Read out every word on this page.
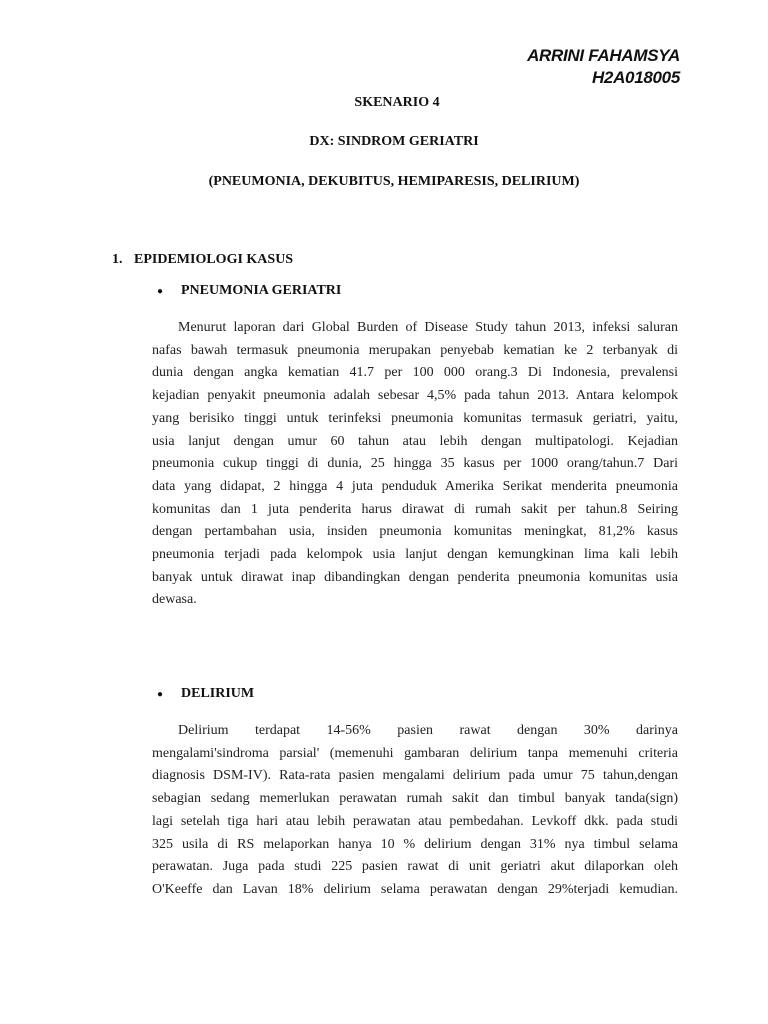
ARRINI FAHAMSYA
H2A018005
SKENARIO 4
DX: SINDROM GERIATRI
(PNEUMONIA, DEKUBITUS, HEMIPARESIS, DELIRIUM)
1. EPIDEMIOLOGI KASUS
● PNEUMONIA GERIATRI
Menurut laporan dari Global Burden of Disease Study tahun 2013, infeksi saluran
nafas bawah termasuk pneumonia merupakan penyebab kematian ke 2 terbanyak di
dunia dengan angka kematian 41.7 per 100 000 orang.3 Di Indonesia, prevalensi
kejadian penyakit pneumonia adalah sebesar 4,5% pada tahun 2013. Antara kelompok
yang berisiko tinggi untuk terinfeksi pneumonia komunitas termasuk geriatri, yaitu,
usia lanjut dengan umur 60 tahun atau lebih dengan multipatologi. Kejadian
pneumonia cukup tinggi di dunia, 25 hingga 35 kasus per 1000 orang/tahun.7 Dari
data yang didapat, 2 hingga 4 juta penduduk Amerika Serikat menderita pneumonia
komunitas dan 1 juta penderita harus dirawat di rumah sakit per tahun.8 Seiring
dengan pertambahan usia, insiden pneumonia komunitas meningkat, 81,2% kasus
pneumonia terjadi pada kelompok usia lanjut dengan kemungkinan lima kali lebih
banyak untuk dirawat inap dibandingkan dengan penderita pneumonia komunitas usia
dewasa.
● DELIRIUM
Delirium terdapat 14-56% pasien rawat dengan 30% darinya
mengalami'sindroma parsial' (memenuhi gambaran delirium tanpa memenuhi criteria
diagnosis DSM-IV). Rata-rata pasien mengalami delirium pada umur 75 tahun,dengan
sebagian sedang memerlukan perawatan rumah sakit dan timbul banyak tanda(sign)
lagi setelah tiga hari atau lebih perawatan atau pembedahan. Levkoff dkk. pada studi
325 usila di RS melaporkan hanya 10 % delirium dengan 31% nya timbul selama
perawatan. Juga pada studi 225 pasien rawat di unit geriatri akut dilaporkan oleh
O'Keeffe dan Lavan 18% delirium selama perawatan dengan 29%terjadi kemudian.
